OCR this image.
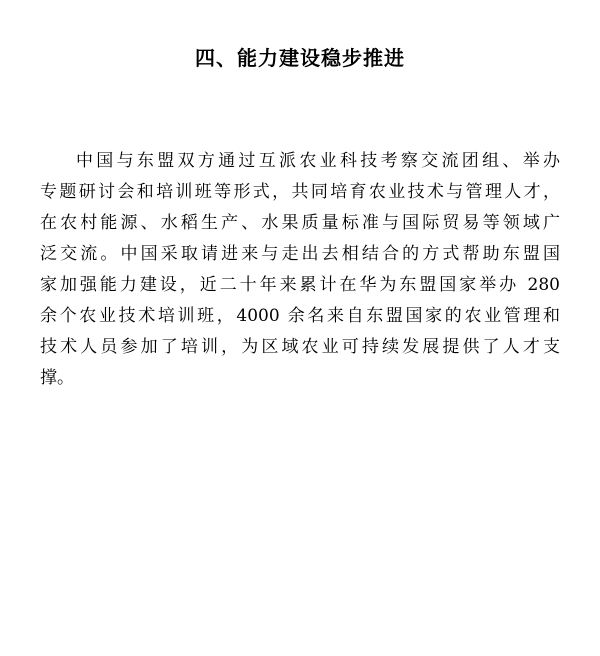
四、能力建设稳步推进
中国与东盟双方通过互派农业科技考察交流团组、举办
专题研讨会和培训班等形式，共同培育农业技术与管理人才，
在农村能源、水稻生产、水果质量标准与国际贸易等领域广
泛交流。中国采取请进来与走出去相结合的方式帮助东盟国
家加强能力建设，近二十年来累计在华为东盟国家举办 280
余个农业技术培训班，4000 余名来自东盟国家的农业管理和
技术人员参加了培训，为区域农业可持续发展提供了人才支
撑。
